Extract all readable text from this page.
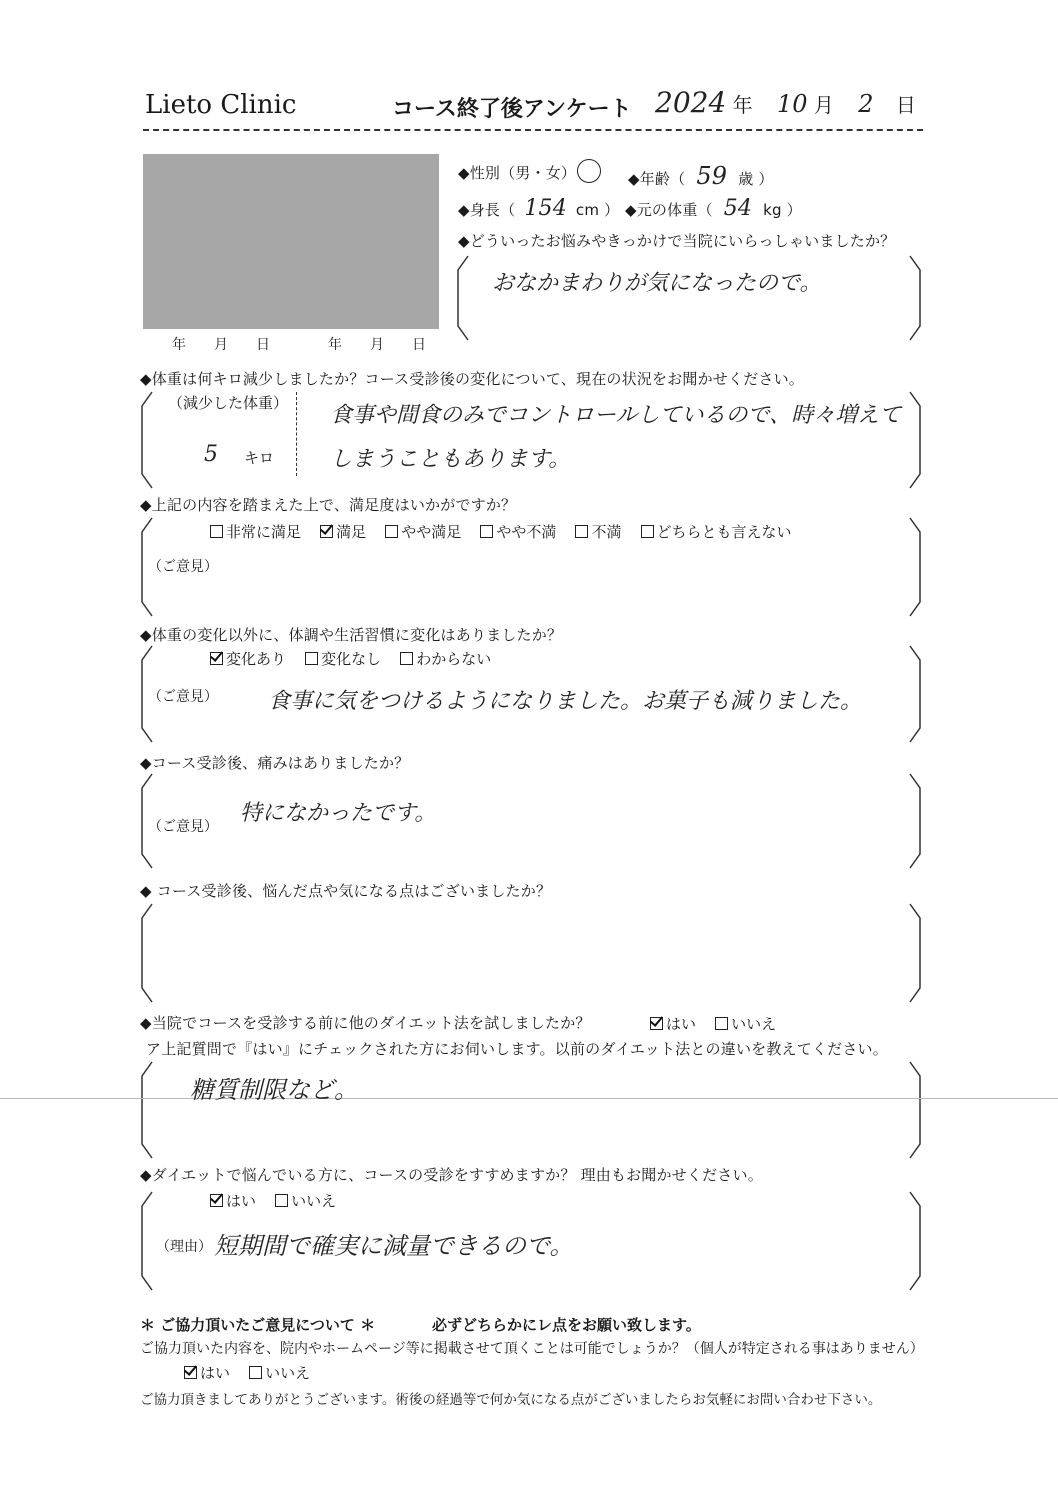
Lieto Clinic	コース終了後アンケート 2024 年 10 月 2 日
年　　月　　日	年　　月　　日
◆性別（男・女）	◆年齢（ 59 歳 ）
◆身長（ 154 cm ） ◆元の体重（ 54 kg ）
◆どういったお悩みやきっかけで当院にいらっしゃいましたか？
おなかまわりが気になったので。
◆体重は何キロ減少しましたか？コース受診後の変化について、現在の状況をお聞かせください。
（減少した体重）
5 キロ
食事や間食のみでコントロールしているので、時々増えて
しまうこともあります。
◆上記の内容を踏まえた上で、満足度はいかがですか？
非常に満足 満足 やや満足 やや不満 不満 どちらとも言えない
（ご意見）
◆体重の変化以外に、体調や生活習慣に変化はありましたか？
変化あり 変化なし わからない
（ご意見） 食事に気をつけるようになりました。お菓子も減りました。
◆コース受診後、痛みはありましたか？
（ご意見）
特になかったです。
◆ コース受診後、悩んだ点や気になる点はございましたか？
◆当院でコースを受診する前に他のダイエット法を試しましたか？	はい いいえ
ア上記質問で『はい』にチェックされた方にお伺いします。以前のダイエット法との違いを教えてください。
糖質制限など。
◆ダイエットで悩んでいる方に、コースの受診をすすめますか？ 理由もお聞かせください。
はい いいえ
（理由） 短期間で確実に減量できるので。
＊ ご協力頂いたご意見について ＊	必ずどちらかにレ点をお願い致します。
ご協力頂いた内容を、院内やホームページ等に掲載させて頂くことは可能でしょうか？（個人が特定される事はありません）
はい いいえ
ご協力頂きましてありがとうございます。術後の経過等で何か気になる点がございましたらお気軽にお問い合わせ下さい。
